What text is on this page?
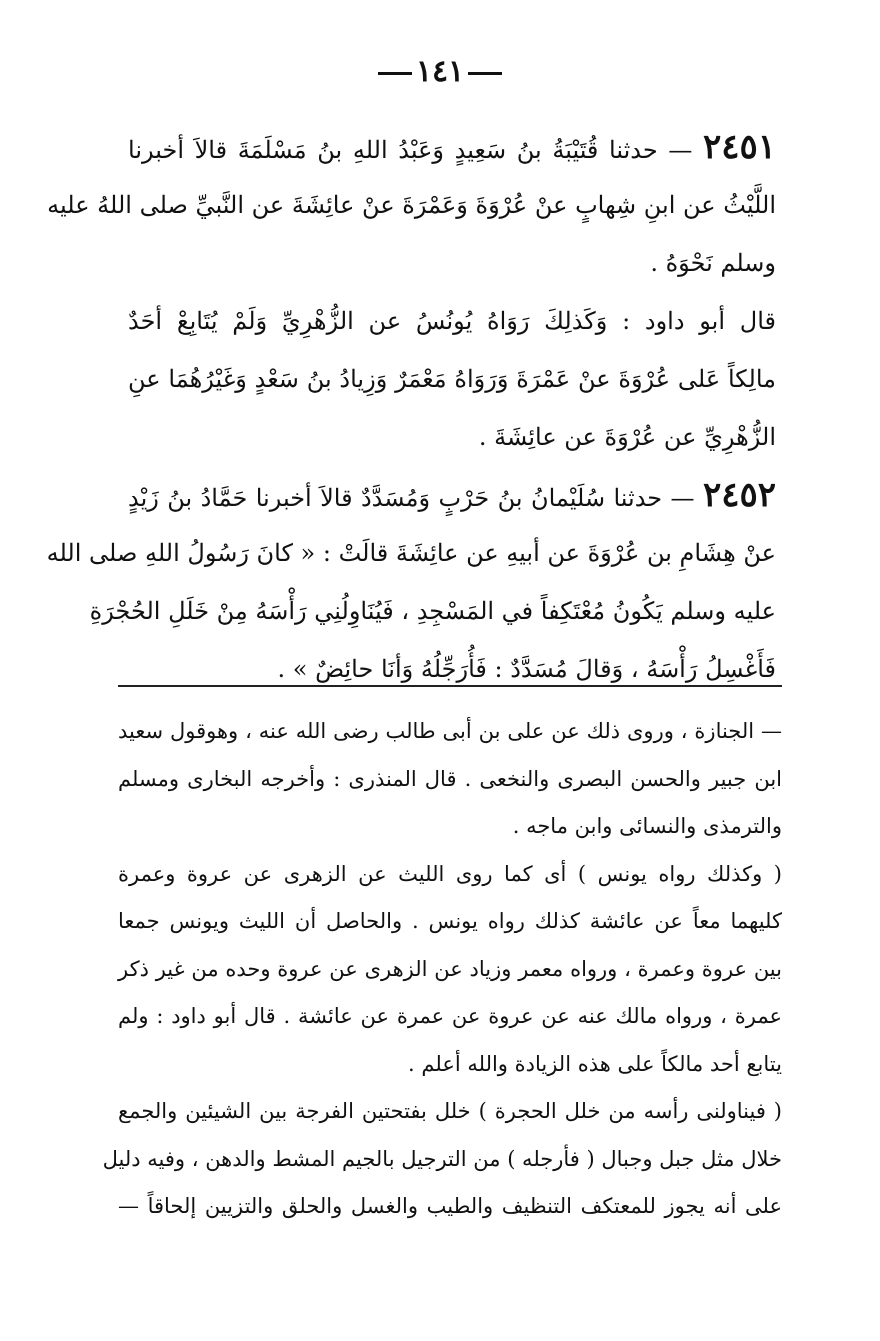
١٤١
٢٤٥١ — حدثنا قُتَيْبَةُ بنُ سَعِيدٍ وَعَبْدُ اللهِ بنُ مَسْلَمَةَ قالاَ أخبرنا
اللَّيْثُ عن ابنِ شِهابٍ عنْ عُرْوَةَ وَعَمْرَةَ عنْ عائِشَةَ عن النَّبيِّ صلى اللهُ عليه
وسلم نَحْوَهُ .
قال أبو داود : وَكَذلِكَ رَوَاهُ يُونُسُ عن الزُّهْرِيِّ وَلَمْ يُتَابِعْ أحَدٌ
مالِكاً عَلى عُرْوَةَ عنْ عَمْرَةَ وَرَوَاهُ مَعْمَرٌ وَزِيادُ بنُ سَعْدٍ وَغَيْرُهُمَا عنِ
الزُّهْرِيِّ عن عُرْوَةَ عن عائِشَةَ .
٢٤٥٢ — حدثنا سُلَيْمانُ بنُ حَرْبٍ وَمُسَدَّدٌ قالاَ أخبرنا حَمَّادُ بنُ زَيْدٍ
عنْ هِشَامِ بن عُرْوَةَ عن أبيهِ عن عائِشَةَ قالَتْ : « كانَ رَسُولُ اللهِ صلى الله
عليه وسلم يَكُونُ مُعْتَكِفاً في المَسْجِدِ ، فَيُنَاوِلُنِي رَأْسَهُ مِنْ خَلَلِ الحُجْرَةِ
فَأَغْسِلُ رَأْسَهُ ، وَقالَ مُسَدَّدٌ : فَأُرَجِّلُهُ وَأنَا حائِضٌ » .
— الجنازة ، وروى ذلك عن على بن أبى طالب رضى الله عنه ، وهوقول سعيد
ابن جبير والحسن البصرى والنخعى . قال المنذرى : وأخرجه البخارى ومسلم
والترمذى والنسائى وابن ماجه .
( وكذلك رواه يونس ) أى كما روى الليث عن الزهرى عن عروة وعمرة
كليهما معاً عن عائشة كذلك رواه يونس . والحاصل أن الليث ويونس جمعا
بين عروة وعمرة ، ورواه معمر وزياد عن الزهرى عن عروة وحده من غير ذكر
عمرة ، ورواه مالك عنه عن عروة عن عمرة عن عائشة . قال أبو داود : ولم
يتابع أحد مالكاً على هذه الزيادة والله أعلم .
( فيناولنى رأسه من خلل الحجرة ) خلل بفتحتين الفرجة بين الشيئين والجمع
خلال مثل جبل وجبال ( فأرجله ) من الترجيل بالجيم المشط والدهن ، وفيه دليل
على أنه يجوز للمعتكف التنظيف والطيب والغسل والحلق والتزيين إلحاقاً —
